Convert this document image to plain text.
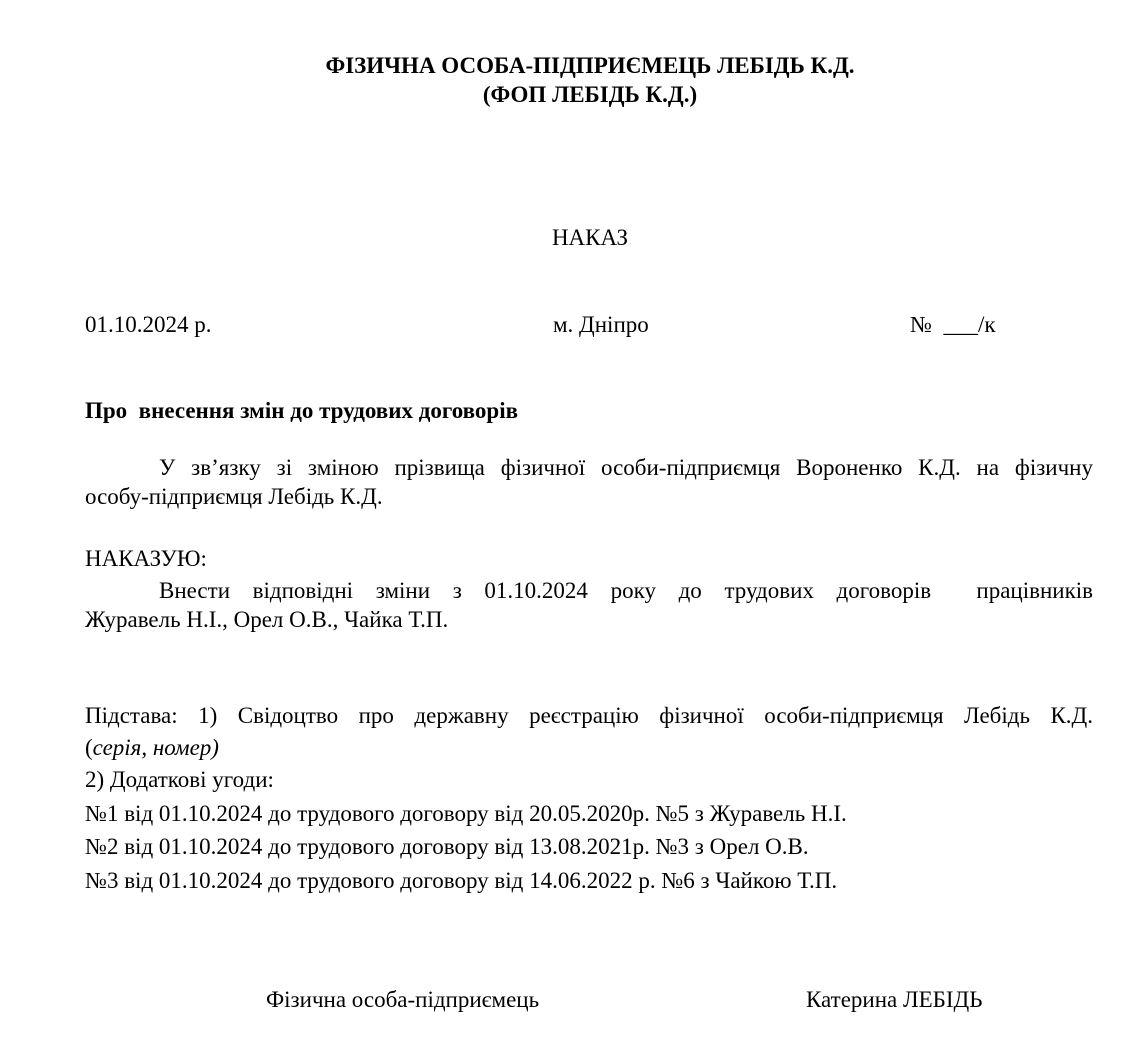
ФІЗИЧНА ОСОБА-ПІДПРИЄМЕЦЬ ЛЕБІДЬ К.Д.
(ФОП ЛЕБІДЬ К.Д.)
НАКАЗ
01.10.2024 р.	м. Дніпро	№  ___/к
Про  внесення змін до трудових договорів
У зв’язку зі зміною прізвища фізичної особи-підприємця Вороненко К.Д. на фізичну
особу-підприємця Лебідь К.Д.
НАКАЗУЮ:
Внести відповідні зміни з 01.10.2024 року до трудових договорів  працівників
Журавель Н.І., Орел О.В., Чайка Т.П.
Підстава: 1) Свідоцтво про державну реєстрацію фізичної особи-підприємця Лебідь К.Д.
(серія, номер)
2) Додаткові угоди:
№1 від 01.10.2024 до трудового договору від 20.05.2020р. №5 з Журавель Н.І.
№2 від 01.10.2024 до трудового договору від 13.08.2021р. №3 з Орел О.В.
№3 від 01.10.2024 до трудового договору від 14.06.2022 р. №6 з Чайкою Т.П.
Фізична особа-підприємець	Катерина ЛЕБІДЬ
